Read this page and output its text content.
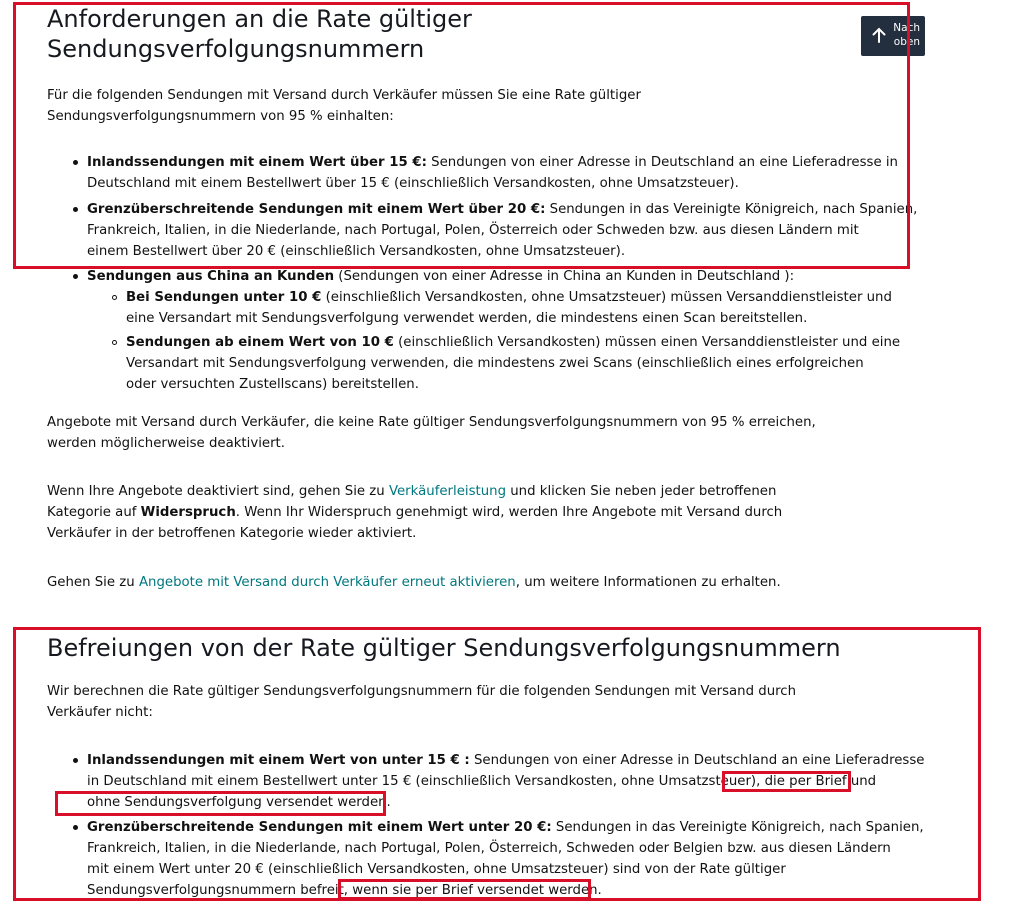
Anforderungen an die Rate gültiger
Sendungsverfolgungsnummern
Nach
oben

Für die folgenden Sendungen mit Versand durch Verkäufer müssen Sie eine Rate gültiger
Sendungsverfolgungsnummern von 95 % einhalten:

Inlandssendungen mit einem Wert über 15 €: Sendungen von einer Adresse in Deutschland an eine Lieferadresse in
Deutschland mit einem Bestellwert über 15 € (einschließlich Versandkosten, ohne Umsatzsteuer).

Grenzüberschreitende Sendungen mit einem Wert über 20 €: Sendungen in das Vereinigte Königreich, nach Spanien,
Frankreich, Italien, in die Niederlande, nach Portugal, Polen, Österreich oder Schweden bzw. aus diesen Ländern mit
einem Bestellwert über 20 € (einschließlich Versandkosten, ohne Umsatzsteuer).

Sendungen aus China an Kunden (Sendungen von einer Adresse in China an Kunden in Deutschland ):

Bei Sendungen unter 10 € (einschließlich Versandkosten, ohne Umsatzsteuer) müssen Versanddienstleister und
eine Versandart mit Sendungsverfolgung verwendet werden, die mindestens einen Scan bereitstellen.

Sendungen ab einem Wert von 10 € (einschließlich Versandkosten) müssen einen Versanddienstleister und eine
Versandart mit Sendungsverfolgung verwenden, die mindestens zwei Scans (einschließlich eines erfolgreichen
oder versuchten Zustellscans) bereitstellen.

Angebote mit Versand durch Verkäufer, die keine Rate gültiger Sendungsverfolgungsnummern von 95 % erreichen,
werden möglicherweise deaktiviert.

Wenn Ihre Angebote deaktiviert sind, gehen Sie zu Verkäuferleistung und klicken Sie neben jeder betroffenen
Kategorie auf Widerspruch. Wenn Ihr Widerspruch genehmigt wird, werden Ihre Angebote mit Versand durch
Verkäufer in der betroffenen Kategorie wieder aktiviert.

Gehen Sie zu Angebote mit Versand durch Verkäufer erneut aktivieren, um weitere Informationen zu erhalten.

Befreiungen von der Rate gültiger Sendungsverfolgungsnummern

Wir berechnen die Rate gültiger Sendungsverfolgungsnummern für die folgenden Sendungen mit Versand durch
Verkäufer nicht:

Inlandssendungen mit einem Wert von unter 15 € : Sendungen von einer Adresse in Deutschland an eine Lieferadresse
in Deutschland mit einem Bestellwert unter 15 € (einschließlich Versandkosten, ohne Umsatzsteuer), die per Brief und
ohne Sendungsverfolgung versendet werden.

Grenzüberschreitende Sendungen mit einem Wert unter 20 €: Sendungen in das Vereinigte Königreich, nach Spanien,
Frankreich, Italien, in die Niederlande, nach Portugal, Polen, Österreich, Schweden oder Belgien bzw. aus diesen Ländern
mit einem Wert unter 20 € (einschließlich Versandkosten, ohne Umsatzsteuer) sind von der Rate gültiger
Sendungsverfolgungsnummern befreit, wenn sie per Brief versendet werden.
